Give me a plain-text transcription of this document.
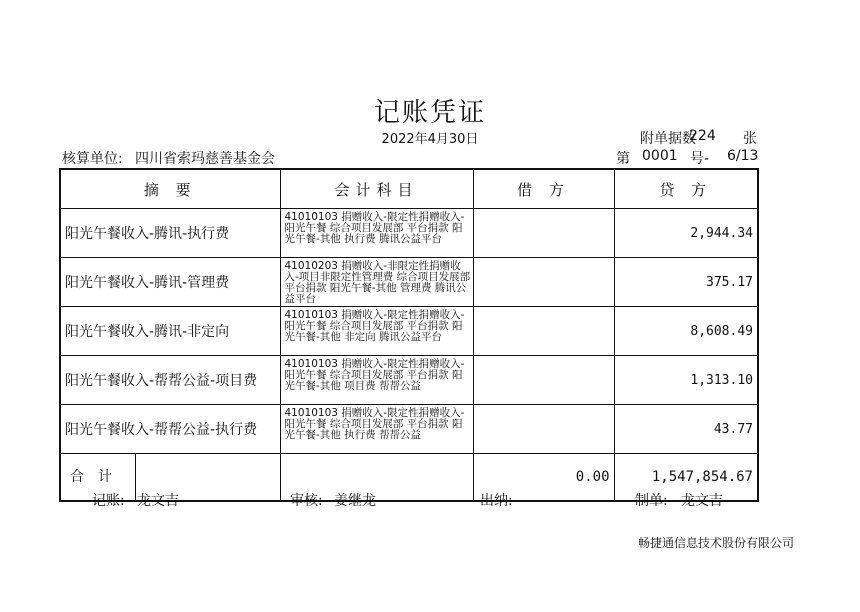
记账凭证
2022年4月30日	附单据数
224 张
核算单位: 四川省索玛慈善基金会	第 0001 号- 6/13
摘 要	会计科目	借 方	贷 方
阳光午餐收入-腾讯-执行费	41010103 捐赠收入-限定性捐赠收入-阳光午餐 综合项目发展部 平台捐款 阳光午餐-其他 执行费 腾讯公益平台		2,944.34
阳光午餐收入-腾讯-管理费	41010203 捐赠收入-非限定性捐赠收入-项目非限定性管理费 综合项目发展部 平台捐款 阳光午餐-其他 管理费 腾讯公益平台		375.17
阳光午餐收入-腾讯-非定向	41010103 捐赠收入-限定性捐赠收入-阳光午餐 综合项目发展部 平台捐款 阳光午餐-其他 非定向 腾讯公益平台		8,608.49
阳光午餐收入-帮帮公益-项目费	41010103 捐赠收入-限定性捐赠收入-阳光午餐 综合项目发展部 平台捐款 阳光午餐-其他 项目费 帮帮公益		1,313.10
阳光午餐收入-帮帮公益-执行费	41010103 捐赠收入-限定性捐赠收入-阳光午餐 综合项目发展部 平台捐款 阳光午餐-其他 执行费 帮帮公益		43.77

合计		0.00	1,547,854.67
记账: 龙文吉	审核: 姜继龙	出纳:	制单: 龙文吉
畅捷通信息技术股份有限公司
